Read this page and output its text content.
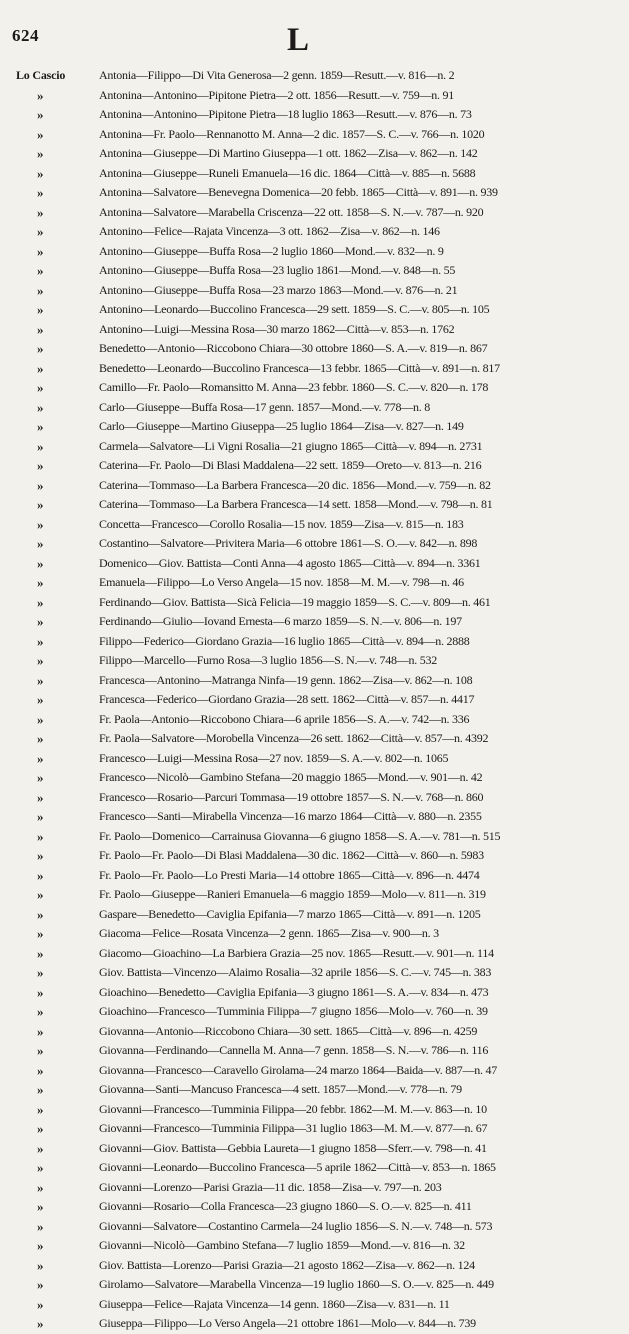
624	L
Lo Cascio	Antonia—Filippo—Di Vita Generosa—2 genn. 1859—Resutt.—v. 816—n. 2
»	Antonina—Antonino—Pipitone Pietra—2 ott. 1856—Resutt.—v. 759—n. 91
»	Antonina—Antonino—Pipitone Pietra—18 luglio 1863—Resutt.—v. 876—n. 73
»	Antonina—Fr. Paolo—Rennanotto M. Anna—2 dic. 1857—S. C.—v. 766—n. 1020
»	Antonina—Giuseppe—Di Martino Giuseppa—1 ott. 1862—Zisa—v. 862—n. 142
»	Antonina—Giuseppe—Runeli Emanuela—16 dic. 1864—Città—v. 885—n. 5688
»	Antonina—Salvatore—Benevegna Domenica—20 febb. 1865—Città—v. 891—n. 939
»	Antonina—Salvatore—Marabella Criscenza—22 ott. 1858—S. N.—v. 787—n. 920
»	Antonino—Felice—Rajata Vincenza—3 ott. 1862—Zisa—v. 862—n. 146
»	Antonino—Giuseppe—Buffa Rosa—2 luglio 1860—Mond.—v. 832—n. 9
»	Antonino—Giuseppe—Buffa Rosa—23 luglio 1861—Mond.—v. 848—n. 55
»	Antonino—Giuseppe—Buffa Rosa—23 marzo 1863—Mond.—v. 876—n. 21
»	Antonino—Leonardo—Buccolino Francesca—29 sett. 1859—S. C.—v. 805—n. 105
»	Antonino—Luigi—Messina Rosa—30 marzo 1862—Città—v. 853—n. 1762
»	Benedetto—Antonio—Riccobono Chiara—30 ottobre 1860—S. A.—v. 819—n. 867
»	Benedetto—Leonardo—Buccolino Francesca—13 febbr. 1865—Città—v. 891—n. 817
»	Camillo—Fr. Paolo—Romansitto M. Anna—23 febbr. 1860—S. C.—v. 820—n. 178
»	Carlo—Giuseppe—Buffa Rosa—17 genn. 1857—Mond.—v. 778—n. 8
»	Carlo—Giuseppe—Martino Giuseppa—25 luglio 1864—Zisa—v. 827—n. 149
»	Carmela—Salvatore—Li Vigni Rosalia—21 giugno 1865—Città—v. 894—n. 2731
»	Caterina—Fr. Paolo—Di Blasi Maddalena—22 sett. 1859—Oreto—v. 813—n. 216
»	Caterina—Tommaso—La Barbera Francesca—20 dic. 1856—Mond.—v. 759—n. 82
»	Caterina—Tommaso—La Barbera Francesca—14 sett. 1858—Mond.—v. 798—n. 81
»	Concetta—Francesco—Corollo Rosalia—15 nov. 1859—Zisa—v. 815—n. 183
»	Costantino—Salvatore—Privitera Maria—6 ottobre 1861—S. O.—v. 842—n. 898
»	Domenico—Giov. Battista—Conti Anna—4 agosto 1865—Città—v. 894—n. 3361
»	Emanuela—Filippo—Lo Verso Angela—15 nov. 1858—M. M.—v. 798—n. 46
»	Ferdinando—Giov. Battista—Sicà Felicia—19 maggio 1859—S. C.—v. 809—n. 461
»	Ferdinando—Giulio—Iovand Ernesta—6 marzo 1859—S. N.—v. 806—n. 197
»	Filippo—Federico—Giordano Grazia—16 luglio 1865—Città—v. 894—n. 2888
»	Filippo—Marcello—Furno Rosa—3 luglio 1856—S. N.—v. 748—n. 532
»	Francesca—Antonino—Matranga Ninfa—19 genn. 1862—Zisa—v. 862—n. 108
»	Francesca—Federico—Giordano Grazia—28 sett. 1862—Città—v. 857—n. 4417
»	Fr. Paola—Antonio—Riccobono Chiara—6 aprile 1856—S. A.—v. 742—n. 336
»	Fr. Paola—Salvatore—Morobella Vincenza—26 sett. 1862—Città—v. 857—n. 4392
»	Francesco—Luigi—Messina Rosa—27 nov. 1859—S. A.—v. 802—n. 1065
»	Francesco—Nicolò—Gambino Stefana—20 maggio 1865—Mond.—v. 901—n. 42
»	Francesco—Rosario—Parcuri Tommasa—19 ottobre 1857—S. N.—v. 768—n. 860
»	Francesco—Santi—Mirabella Vincenza—16 marzo 1864—Città—v. 880—n. 2355
»	Fr. Paolo—Domenico—Carrainusa Giovanna—6 giugno 1858—S. A.—v. 781—n. 515
»	Fr. Paolo—Fr. Paolo—Di Blasi Maddalena—30 dic. 1862—Città—v. 860—n. 5983
»	Fr. Paolo—Fr. Paolo—Lo Presti Maria—14 ottobre 1865—Città—v. 896—n. 4474
»	Fr. Paolo—Giuseppe—Ranieri Emanuela—6 maggio 1859—Molo—v. 811—n. 319
»	Gaspare—Benedetto—Caviglia Epifania—7 marzo 1865—Città—v. 891—n. 1205
»	Giacoma—Felice—Rosata Vincenza—2 genn. 1865—Zisa—v. 900—n. 3
»	Giacomo—Gioachino—La Barbiera Grazia—25 nov. 1865—Resutt.—v. 901—n. 114
»	Giov. Battista—Vincenzo—Alaimo Rosalia—32 aprile 1856—S. C.—v. 745—n. 383
»	Gioachino—Benedetto—Caviglia Epifania—3 giugno 1861—S. A.—v. 834—n. 473
»	Gioachino—Francesco—Tumminia Filippa—7 giugno 1856—Molo—v. 760—n. 39
»	Giovanna—Antonio—Riccobono Chiara—30 sett. 1865—Città—v. 896—n. 4259
»	Giovanna—Ferdinando—Cannella M. Anna—7 genn. 1858—S. N.—v. 786—n. 116
»	Giovanna—Francesco—Caravello Girolama—24 marzo 1864—Baida—v. 887—n. 47
»	Giovanna—Santi—Mancuso Francesca—4 sett. 1857—Mond.—v. 778—n. 79
»	Giovanni—Francesco—Tumminia Filippa—20 febbr. 1862—M. M.—v. 863—n. 10
»	Giovanni—Francesco—Tumminia Filippa—31 luglio 1863—M. M.—v. 877—n. 67
»	Giovanni—Giov. Battista—Gebbia Laureta—1 giugno 1858—Sferr.—v. 798—n. 41
»	Giovanni—Leonardo—Buccolino Francesca—5 aprile 1862—Città—v. 853—n. 1865
»	Giovanni—Lorenzo—Parisi Grazia—11 dic. 1858—Zisa—v. 797—n. 203
»	Giovanni—Rosario—Colla Francesca—23 giugno 1860—S. O.—v. 825—n. 411
»	Giovanni—Salvatore—Costantino Carmela—24 luglio 1856—S. N.—v. 748—n. 573
»	Giovanni—Nicolò—Gambino Stefana—7 luglio 1859—Mond.—v. 816—n. 32
»	Giov. Battista—Lorenzo—Parisi Grazia—21 agosto 1862—Zisa—v. 862—n. 124
»	Girolamo—Salvatore—Marabella Vincenza—19 luglio 1860—S. O.—v. 825—n. 449
»	Giuseppa—Felice—Rajata Vincenza—14 genn. 1860—Zisa—v. 831—n. 11
»	Giuseppa—Filippo—Lo Verso Angela—21 ottobre 1861—Molo—v. 844—n. 739
